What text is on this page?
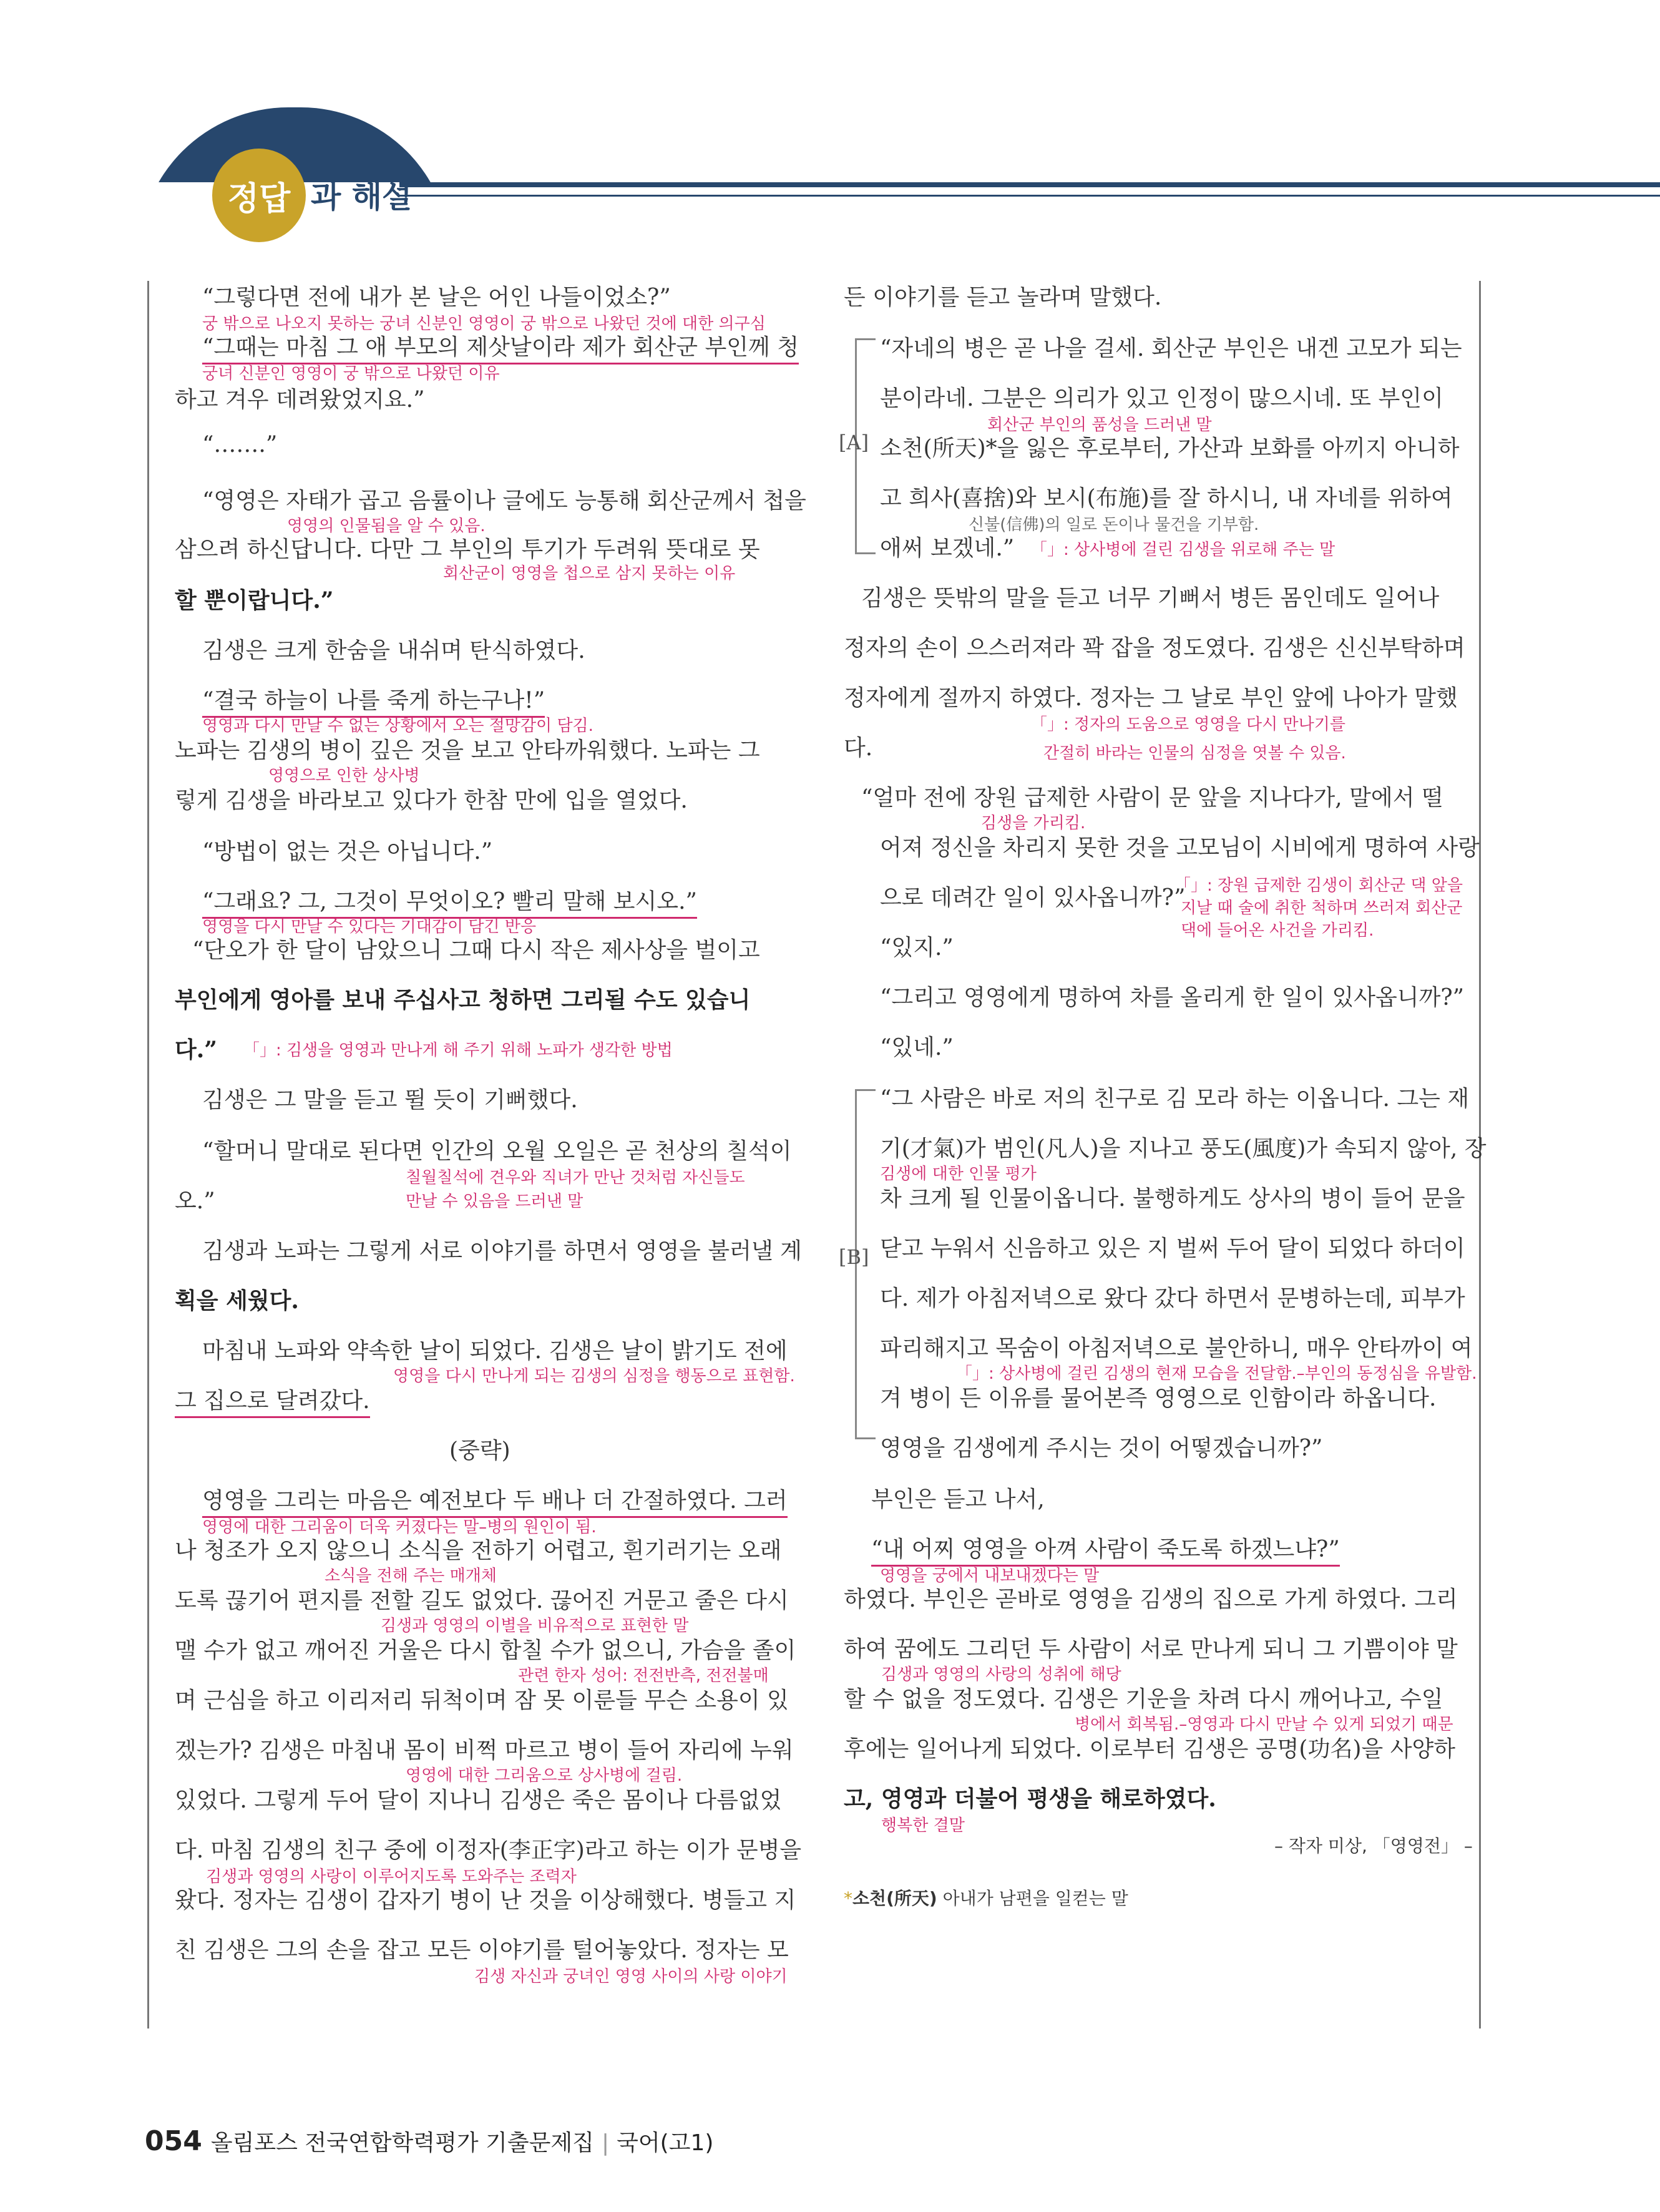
정답 과 해설
“그렇다면 전에 내가 본 날은 어인 나들이었소?”
궁 밖으로 나오지 못하는 궁녀 신분인 영영이 궁 밖으로 나왔던 것에 대한 의구심
“그때는 마침 그 애 부모의 제삿날이라 제가 회산군 부인께 청
궁녀 신분인 영영이 궁 밖으로 나왔던 이유
하고 겨우 데려왔었지요.”
“…….”
“영영은 자태가 곱고 음률이나 글에도 능통해 회산군께서 첩을
영영의 인물됨을 알 수 있음.
삼으려 하신답니다. 다만 그 부인의 투기가 두려워 뜻대로 못
회산군이 영영을 첩으로 삼지 못하는 이유
할 뿐이랍니다.”
김생은 크게 한숨을 내쉬며 탄식하였다.
“결국 하늘이 나를 죽게 하는구나!”
영영과 다시 만날 수 없는 상황에서 오는 절망감이 담김.
노파는 김생의 병이 깊은 것을 보고 안타까워했다. 노파는 그
영영으로 인한 상사병
렇게 김생을 바라보고 있다가 한참 만에 입을 열었다.
“방법이 없는 것은 아닙니다.”
“그래요? 그, 그것이 무엇이오? 빨리 말해 보시오.”
영영을 다시 만날 수 있다는 기대감이 담긴 반응
“단오가 한 달이 남았으니 그때 다시 작은 제사상을 벌이고
부인에게 영아를 보내 주십사고 청하면 그리될 수도 있습니
다.” 「」: 김생을 영영과 만나게 해 주기 위해 노파가 생각한 방법
김생은 그 말을 듣고 뛸 듯이 기뻐했다.
“할머니 말대로 된다면 인간의 오월 오일은 곧 천상의 칠석이
칠월칠석에 견우와 직녀가 만난 것처럼 자신들도
오.”	만날 수 있음을 드러낸 말
김생과 노파는 그렇게 서로 이야기를 하면서 영영을 불러낼 계
획을 세웠다.
마침내 노파와 약속한 날이 되었다. 김생은 날이 밝기도 전에
영영을 다시 만나게 되는 김생의 심정을 행동으로 표현함.
그 집으로 달려갔다.
(중략)
영영을 그리는 마음은 예전보다 두 배나 더 간절하였다. 그러
영영에 대한 그리움이 더욱 커졌다는 말–병의 원인이 됨.
나 청조가 오지 않으니 소식을 전하기 어렵고, 흰기러기는 오래
소식을 전해 주는 매개체
도록 끊기어 편지를 전할 길도 없었다. 끊어진 거문고 줄은 다시
김생과 영영의 이별을 비유적으로 표현한 말
맬 수가 없고 깨어진 거울은 다시 합칠 수가 없으니, 가슴을 졸이
관련 한자 성어: 전전반측, 전전불매
며 근심을 하고 이리저리 뒤척이며 잠 못 이룬들 무슨 소용이 있
겠는가? 김생은 마침내 몸이 비쩍 마르고 병이 들어 자리에 누워
영영에 대한 그리움으로 상사병에 걸림.
있었다. 그렇게 두어 달이 지나니 김생은 죽은 몸이나 다름없었
다. 마침 김생의 친구 중에 이정자(李正字)라고 하는 이가 문병을
김생과 영영의 사랑이 이루어지도록 도와주는 조력자
왔다. 정자는 김생이 갑자기 병이 난 것을 이상해했다. 병들고 지
친 김생은 그의 손을 잡고 모든 이야기를 털어놓았다. 정자는 모
김생 자신과 궁녀인 영영 사이의 사랑 이야기
든 이야기를 듣고 놀라며 말했다.
[A]
“자네의 병은 곧 나을 걸세. 회산군 부인은 내겐 고모가 되는
분이라네. 그분은 의리가 있고 인정이 많으시네. 또 부인이
회산군 부인의 품성을 드러낸 말
소천(所天)*을 잃은 후로부터, 가산과 보화를 아끼지 아니하
고 희사(喜捨)와 보시(布施)를 잘 하시니, 내 자네를 위하여
신불(信佛)의 일로 돈이나 물건을 기부함.
애써 보겠네.” 「」: 상사병에 걸린 김생을 위로해 주는 말
김생은 뜻밖의 말을 듣고 너무 기뻐서 병든 몸인데도 일어나
정자의 손이 으스러져라 꽉 잡을 정도였다. 김생은 신신부탁하며
정자에게 절까지 하였다. 정자는 그 날로 부인 앞에 나아가 말했
「」: 정자의 도움으로 영영을 다시 만나기를
다.	간절히 바라는 인물의 심정을 엿볼 수 있음.
“얼마 전에 장원 급제한 사람이 문 앞을 지나다가, 말에서 떨
김생을 가리킴.
어져 정신을 차리지 못한 것을 고모님이 시비에게 명하여 사랑
으로 데려간 일이 있사옵니까?”
「」: 장원 급제한 김생이 회산군 댁 앞을
지날 때 술에 취한 척하며 쓰러져 회산군
댁에 들어온 사건을 가리킴.
“있지.”
“그리고 영영에게 명하여 차를 올리게 한 일이 있사옵니까?”
“있네.”
[B]
“그 사람은 바로 저의 친구로 김 모라 하는 이옵니다. 그는 재
기(才氣)가 범인(凡人)을 지나고 풍도(風度)가 속되지 않아, 장
김생에 대한 인물 평가
차 크게 될 인물이옵니다. 불행하게도 상사의 병이 들어 문을
닫고 누워서 신음하고 있은 지 벌써 두어 달이 되었다 하더이
다. 제가 아침저녁으로 왔다 갔다 하면서 문병하는데, 피부가
파리해지고 목숨이 아침저녁으로 불안하니, 매우 안타까이 여
「」: 상사병에 걸린 김생의 현재 모습을 전달함.–부인의 동정심을 유발함.
겨 병이 든 이유를 물어본즉 영영으로 인함이라 하옵니다.
영영을 김생에게 주시는 것이 어떻겠습니까?”
부인은 듣고 나서,
“내 어찌 영영을 아껴 사람이 죽도록 하겠느냐?”
영영을 궁에서 내보내겠다는 말
하였다. 부인은 곧바로 영영을 김생의 집으로 가게 하였다. 그리
하여 꿈에도 그리던 두 사람이 서로 만나게 되니 그 기쁨이야 말
김생과 영영의 사랑의 성취에 해당
할 수 없을 정도였다. 김생은 기운을 차려 다시 깨어나고, 수일
병에서 회복됨.–영영과 다시 만날 수 있게 되었기 때문
후에는 일어나게 되었다. 이로부터 김생은 공명(功名)을 사양하
고, 영영과 더불어 평생을 해로하였다.
행복한 결말
– 작자 미상, 「영영전」 –
*소천(所天) 아내가 남편을 일컫는 말
054 올림포스 전국연합학력평가 기출문제집 | 국어(고1)
